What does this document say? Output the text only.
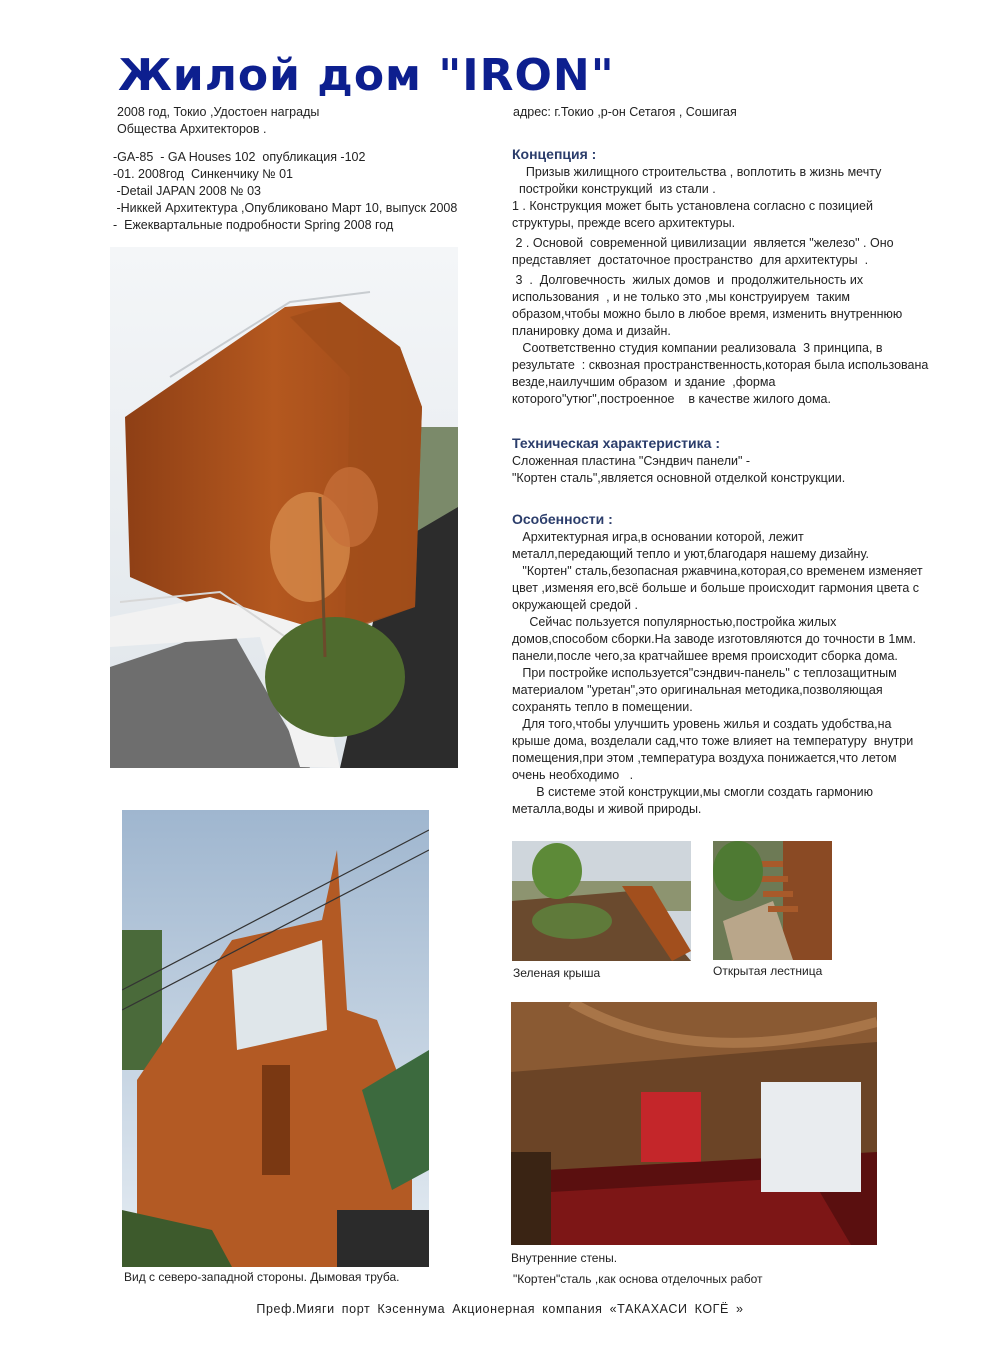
Жилой дом "IRON"
2008 год, Токио ,Удостоен награды
Общества Архитекторов .
адрес: г.Токио ,р-он Сетагоя , Сошигая
-GA-85  - GA Houses 102  опубликация -102
-01. 2008год  Синкенчику № 01
-Detail JAPAN 2008 № 03
-Никкей Архитектура ,Опубликовано Март 10, выпуск 2008
-  Ежеквартальные подробности Spring 2008 год
Концепция :
Призыв жилищного строительства , воплотить в жизнь мечту
постройки конструкций  из стали .
1 . Конструкция может быть установлена согласно с позицией
структуры, прежде всего архитектуры.
2 . Основой  современной цивилизации  является "железо" . Оно
представляет  достаточное пространство  для архитектуры  .
3  .  Долговечность  жилых домов  и  продолжительность их
использования  , и не только это ,мы конструируем  таким
образом,чтобы можно было в любое время, изменить внутреннюю
планировку дома и дизайн.
Соответственно студия компании реализовала  3 принципа, в
результате  : сквозная пространственность,которая была использована
везде,наилучшим образом  и здание  ,форма
которого"утюг",построенное    в качестве жилого дома.
Техническая характеристика :
Сложенная пластина "Сэндвич панели" -
"Кортен сталь",является основной отделкой конструкции.
Особенности :
Архитектурная игра,в основании которой, лежит
металл,передающий тепло и уют,благодаря нашему дизайну.
"Кортен" сталь,безопасная ржавчина,которая,со временем изменяет
цвет ,изменяя его,всё больше и больше происходит гармония цвета с
окружающей средой .
Сейчас пользуется популярностью,постройка жилых
домов,способом сборки.На заводе изготовляются до точности в 1мм.
панели,после чего,за кратчайшее время происходит сборка дома.
При постройке используется"сэндвич-панель" с теплозащитным
материалом "уретан",это оригинальная методика,позволяющая
сохранять тепло в помещении.
Для того,чтобы улучшить уровень жилья и создать удобства,на
крыше дома, возделали сад,что тоже влияет на температуру  внутри
помещения,при этом ,температура воздуха понижается,что летом
очень необходимо   .
В системе этой конструкции,мы смогли создать гармонию
металла,воды и живой природы.
Зеленая крыша	Открытая лестница
Вид с северо-западной стороны. Дымовая труба.
Внутренние стены.
"Кортен"сталь ,как основа отделочных работ
Преф.Мияги порт Кэсеннума Акционерная компания «ТАКАХАСИ КОГЁ »
